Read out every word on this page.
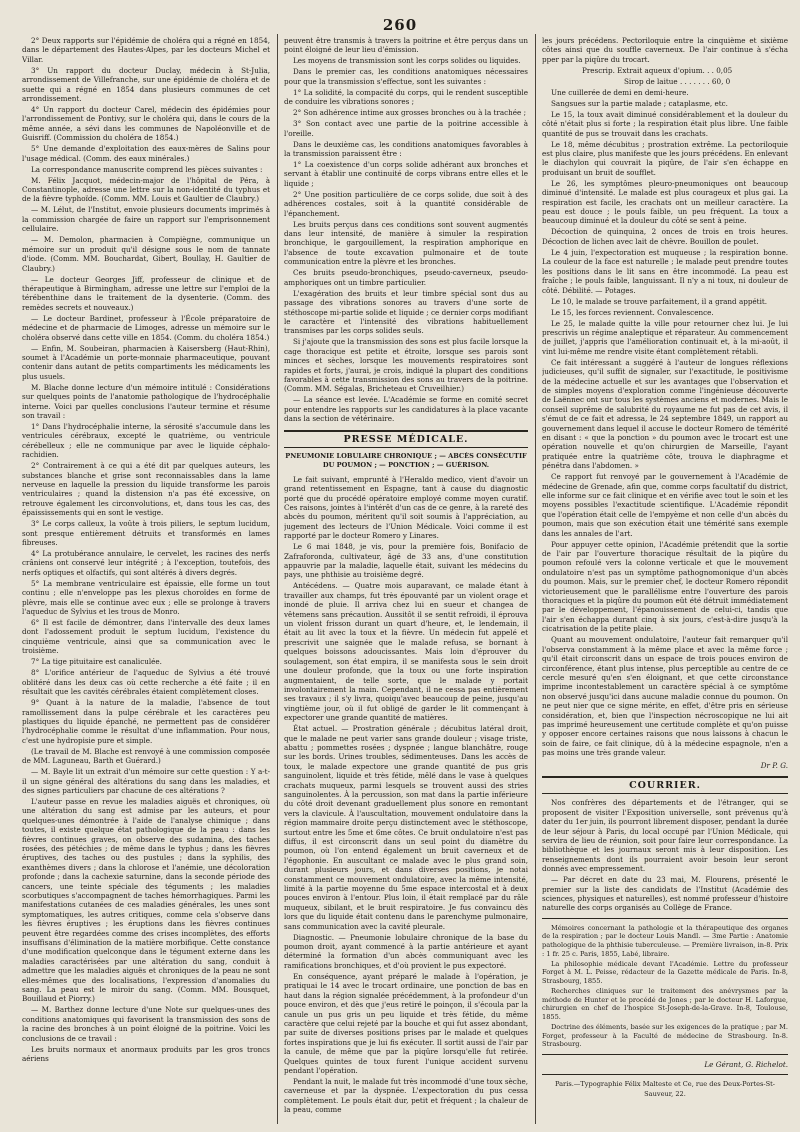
260

2° Deux rapports sur l'épidémie de choléra qui a régné en 1854, dans le département des Hautes-Alpes, par les docteurs Michel et Villar.

3° Un rapport du docteur Duclay, médecin à St-Julia, arrondissement de Villefranche, sur une épidémie de choléra et de suette qui a régné en 1854 dans plusieurs communes de cet arrondissement.

4° Un rapport du docteur Carel, médecin des épidémies pour l'arrondissement de Pontivy, sur le choléra qui, dans le cours de la même année, a sévi dans les communes de Napoléonville et de Guisriff. (Commission du choléra de 1854.)

5° Une demande d'exploitation des eaux-mères de Salins pour l'usage médical. (Comm. des eaux minérales.)

La correspondance manuscrite comprend les pièces suivantes :

M. Félix Jacquot, médecin-major de l'hôpital de Péra, à Constantinople, adresse une lettre sur la non-identité du typhus et de la fièvre typhoïde. (Comm. MM. Louis et Gaultier de Claubry.)

— M. Lélut, de l'Institut, envoie plusieurs documents imprimés à la commission chargée de faire un rapport sur l'emprisonnement cellulaire.

— M. Demolon, pharmacien à Compiègne, communique un mémoire sur un produit qu'il désigne sous le nom de tannate d'iode. (Comm. MM. Bouchardat, Gibert, Boullay, H. Gaultier de Claubry.)

— Le docteur Georges Jiff, professeur de clinique et de thérapeutique à Birmingham, adresse une lettre sur l'emploi de la térébenthine dans le traitement de la dysenterie. (Comm. des remèdes secrets et nouveaux.)

— Le docteur Bardinet, professeur à l'École préparatoire de médecine et de pharmacie de Limoges, adresse un mémoire sur le choléra observé dans cette ville en 1854. (Comm. du choléra 1854.)

— Enfin, M. Soubeiran, pharmacien à Kaisersberg (Haut-Rhin), soumet à l'Académie un porte-monnaie pharmaceutique, pouvant contenir dans autant de petits compartiments les médicaments les plus usuels.

M. Blache donne lecture d'un mémoire intitulé : Considérations sur quelques points de l'anatomie pathologique de l'hydrocéphalie interne. Voici par quelles conclusions l'auteur termine et résume son travail :

1° Dans l'hydrocéphalie interne, la sérosité s'accumule dans les ventricules cérébraux, excepté le quatrième, ou ventricule cérébelleux ; elle ne communique par avec le liquide céphalo-rachidien.

2° Contrairement à ce qui a été dit par quelques auteurs, les substances blanche et grise sont reconnaissables dans la lame nerveuse en laquelle la pression du liquide transforme les parois ventriculaires ; quand la distension n'a pas été excessive, on retrouve également les circonvolutions, et, dans tous les cas, des épaississements qui en sont le vestige.

3° Le corps calleux, la voûte à trois piliers, le septum lucidum, sont presque entièrement détruits et transformés en lames fibreuses.

4° La protubérance annulaire, le cervelet, les racines des nerfs crâniens ont conservé leur intégrité ; à l'exception, toutefois, des nerfs optiques et olfactifs, qui sont altérés à divers degrés.

5° La membrane ventriculaire est épaissie, elle forme un tout continu ; elle n'enveloppe pas les plexus choroïdes en forme de plèvre, mais elle se continue avec eux ; elle se prolonge à travers l'aqueduc de Sylvius et les trous de Monro.

6° Il est facile de démontrer, dans l'intervalle des deux lames dont l'adossement produit le septum lucidum, l'existence du cinquième ventricule, ainsi que sa communication avec le troisième.

7° La tige pituitaire est canaliculée.

8° L'orifice antérieur de l'aqueduc de Sylvius a été trouvé oblitéré dans les deux cas où cette recherche a été faite ; il en résultait que les cavités cérébrales étaient complètement closes.

9° Quant à la nature de la maladie, l'absence de tout ramollissement dans la pulpe cérébrale et les caractères peu plastiques du liquide épanché, ne permettent pas de considérer l'hydrocéphalie comme le résultat d'une inflammation. Pour nous, c'est une hydropisie pure et simple.

(Le travail de M. Blache est renvoyé à une commission composée de MM. Laguneau, Barth et Guérard.)

— M. Bayle lit un extrait d'un mémoire sur cette question : Y a-t-il un signe général des altérations du sang dans les maladies, et des signes particuliers par chacune de ces altérations ?

L'auteur passe en revue les maladies aiguës et chroniques, où une altération du sang est admise par les auteurs, et pour quelques-unes démontrée à l'aide de l'analyse chimique ; dans toutes, il existe quelque état pathologique de la peau : dans les fièvres continues graves, on observe des sudamina, des taches rosées, des pétéchies ; de même dans le typhus ; dans les fièvres éruptives, des taches ou des pustules ; dans la syphilis, des exanthèmes divers ; dans la chlorose et l'anémie, une décoloration profonde ; dans la cachexie saturnine, dans la seconde période des cancers, une teinte spéciale des téguments ; les maladies scorbutiques s'accompagnent de taches hémorrhagiques. Parmi les manifestations cutanées de ces maladies générales, les unes sont symptomatiques, les autres critiques, comme cela s'observe dans les fièvres éruptives ; les éruptions dans les fièvres continues peuvent être regardées comme des crises incomplètes, des efforts insuffisans d'élimination de la matière morbifique. Cette constance d'une modification quelconque dans le tégument externe dans les maladies caractérisées par une altération du sang, conduit à admettre que les maladies aiguës et chroniques de la peau ne sont elles-mêmes que des localisations, l'expression d'anomalies du sang. La peau est le miroir du sang. (Comm. MM. Bousquet, Bouillaud et Piorry.)

— M. Barthez donne lecture d'une Note sur quelques-unes des conditions anatomiques qui favorisent la transmission des sons de la racine des bronches à un point éloigné de la poitrine. Voici les conclusions de ce travail :

Les bruits normaux et anormaux produits par les gros troncs aériens

peuvent être transmis à travers la poitrine et être perçus dans un point éloigné de leur lieu d'émission.

Les moyens de transmission sont les corps solides ou liquides.

Dans le premier cas, les conditions anatomiques nécessaires pour que la transmission s'effectue, sont les suivantes :

1° La solidité, la compacité du corps, qui le rendent susceptible de conduire les vibrations sonores ;

2° Son adhérence intime aux grosses bronches ou à la trachée ;

3° Son contact avec une partie de la poitrine accessible à l'oreille.

Dans le deuxième cas, les conditions anatomiques favorables à la transmission paraissent être :

1° La coexistence d'un corps solide adhérant aux bronches et servant à établir une continuité de corps vibrans entre elles et le liquide ;

2° Une position particulière de ce corps solide, due soit à des adhérences costales, soit à la quantité considérable de l'épanchement.

Les bruits perçus dans ces conditions sont souvent augmentés dans leur intensité, de manière à simuler la respiration bronchique, le gargouillement, la respiration amphorique en l'absence de toute excavation pulmonaire et de toute communication entre la plèvre et les bronches.

Ces bruits pseudo-bronchiques, pseudo-caverneux, pseudo-amphoriques ont un timbre particulier.

L'exagération des bruits et leur timbre spécial sont dus au passage des vibrations sonores au travers d'une sorte de stéthoscope mi-partie solide et liquide ; ce dernier corps modifiant le caractère et l'intensité des vibrations habituellement transmises par les corps solides seuls.

Si j'ajoute que la transmission des sons est plus facile lorsque la cage thoracique est petite et étroite, lorsque ses parois sont minces et sèches, lorsque les mouvements respiratoires sont rapides et forts, j'aurai, je crois, indiqué la plupart des conditions favorables à cette transmission des sons au travers de la poitrine. (Comm. MM. Ségalas, Bricheteau et Cruveilhier.)

— La séance est levée. L'Académie se forme en comité secret pour entendre les rapports sur les candidatures à la place vacante dans la section de vétérinaire.

PRESSE MÉDICALE.
PNEUMONIE LOBULAIRE CHRONIQUE ; — ABCÈS CONSÉCUTIF DU POUMON ; — PONCTION ; — GUÉRISON.

Le fait suivant, emprunté à l'Heraldo medico, vient d'avoir un grand retentissement en Espagne, tant à cause du diagnostic porté que du procédé opératoire employé comme moyen curatif. Ces raisons, jointes à l'intérêt d'un cas de ce genre, à la rareté des abcès du poumon, méritent qu'il soit soumis à l'appréciation, au jugement des lecteurs de l'Union Médicale. Voici comme il est rapporté par le docteur Romero y Linares.

Le 6 mai 1848, je vis, pour la première fois, Bonifacio de Zafraforonda, cultivateur, âgé de 33 ans, d'une constitution appauvrie par la maladie, laquelle était, suivant les médecins du pays, une phthisie au troisième degré.

Antécédens. — Quatre mois auparavant, ce malade étant à travailler aux champs, fut très épouvanté par un violent orage et inondé de pluie. Il arriva chez lui en sueur et changea de vêtemens sans précaution. Aussitôt il se sentit refroidi, il éprouva un violent frisson durant un quart d'heure, et, le lendemain, il était au lit avec la toux et la fièvre. Un médecin fut appelé et prescrivit une saignée que le malade refusa, se bornant à quelques boissons adoucissantes. Mais loin d'éprouver du soulagement, son état empira, il se manifesta sous le sein droit une douleur profonde, que la toux ou une forte inspiration augmentaient, de telle sorte, que le malade y portait involontairement la main. Cependant, il ne cessa pas entièrement ses travaux ; il s'y livra, quoiqu'avec beaucoup de peine, jusqu'au vingtième jour, où il fut obligé de garder le lit commençant à expectorer une grande quantité de matières.

État actuel. — Prostration générale ; décubitus latéral droit, que le malade ne peut varier sans grande douleur ; visage triste, abattu ; pommettes rosées ; dyspnée ; langue blanchâtre, rouge sur les bords. Urines troubles, sédimenteuses. Dans les accès de toux, le malade expectore une grande quantité de pus gris sanguinolent, liquide et très fétide, mêlé dans le vase à quelques crachats muqueux, parmi lesquels se trouvent aussi des stries sanguinolentes. À la percussion, son mat dans la partie inférieure du côté droit devenant graduellement plus sonore en remontant vers la clavicule. À l'auscultation, mouvement ondulatoire dans la région mammaire droite perçu distinctement avec le stéthoscope, surtout entre les 5me et 6me côtes. Ce bruit ondulatoire n'est pas diffus, il est circonscrit dans un seul point du diamètre du poumon, où l'on entend également un bruit caverneux et de l'égophonie. En auscultant ce malade avec le plus grand soin, durant plusieurs jours, et dans diverses positions, je notai constamment ce mouvement ondulatoire, avec la même intensité, limité à la partie moyenne du 5me espace intercostal et à deux pouces environ à l'entour. Plus loin, il était remplacé par du râle muqueux, sibilant, et le bruit respiratoire. Je fus convaincu dès lors que du liquide était contenu dans le parenchyme pulmonaire, sans communication avec la cavité pleurale.

Diagnostic. — Pneumonie lobulaire chronique de la base du poumon droit, ayant commencé à la partie antérieure et ayant déterminé la formation d'un abcès communiquant avec les ramifications bronchiques, et d'où provient le pus expectoré.

En conséquence, ayant préparé le malade à l'opération, je pratiquai le 14 avec le trocart ordinaire, une ponction de bas en haut dans la région signalée précédemment, à la profondeur d'un pouce environ, et dès que j'eus retiré le poinçon, il s'écoula par la canule un pus gris un peu liquide et très fétide, du même caractère que celui rejeté par la bouche et qui fut assez abondant, par suite de diverses positions prises par le malade et quelques fortes inspirations que je lui fis exécuter. Il sortit aussi de l'air par la canule, de même que par la piqûre lorsqu'elle fut retirée. Quelques quintes de toux furent l'unique accident survenu pendant l'opération.

Pendant la nuit, le malade fut très incommodé d'une toux sèche, caverneuse et par la dyspnée. L'expectoration du pus cessa complètement. Le pouls était dur, petit et fréquent ; la chaleur de la peau, comme

les jours précédens. Pectoriloquie entre la cinquième et sixième côtes ainsi que du souffle caverneux. De l'air continue à s'écha pper par la piqûre du trocart.

Prescrip. Extrait aqueux d'opium. . . 0,05

Sirop de laitue . . . . . . . 60, 0

Une cuillerée de demi en demi-heure.

Sangsues sur la partie malade ; cataplasme, etc.

Le 15, la toux avait diminué considérablement et la douleur du côté n'était plus si forte ; la respiration était plus libre. Une faible quantité de pus se trouvait dans les crachats.

Le 18, même décubitus ; prostration extrême. La pectoriloquie est plus claire, plus manifeste que les jours précédens. En enlevant le diachylon qui couvrait la piqûre, de l'air s'en échappe en produisant un bruit de soufflet.

Le 26, les symptômes pleuro-pneumoniques ont beaucoup diminué d'intensité. Le malade est plus courageux et plus gai. La respiration est facile, les crachats ont un meilleur caractère. La peau est douce ; le pouls faible, un peu fréquent. La toux a beaucoup diminué et la douleur du côté se sent à peine.

Décoction de quinquina, 2 onces de trois en trois heures. Décoction de lichen avec lait de chèvre. Bouillon de poulet.

Le 4 juin, l'expectoration est muqueuse ; la respiration bonne. La couleur de la face est naturelle ; le malade peut prendre toutes les positions dans le lit sans en être incommodé. La peau est fraîche ; le pouls faible, languissant. Il n'y a ni toux, ni douleur de côté. Débilité. — Potages.

Le 10, le malade se trouve parfaitement, il a grand appétit.

Le 15, les forces reviennent. Convalescence.

Le 25, le malade quitte la ville pour retourner chez lui. Je lui prescrivis un régime analeptique et réparateur. Au commencement de juillet, j'appris que l'amélioration continuait et, à la mi-août, il vint lui-même me rendre visite étant complètement rétabli.

Ce fait intéressant a suggéré à l'auteur de longues réflexions judicieuses, qu'il suffit de signaler, sur l'exactitude, le positivisme de la médecine actuelle et sur les avantages que l'observation et de simples moyens d'exploration comme l'ingénieuse découverte de Laënnec ont sur tous les systèmes anciens et modernes. Mais le conseil suprême de salubrité du royaume ne fut pas de cet avis, il s'émut de ce fait et adressa, le 24 septembre 1849, un rapport au gouvernement dans lequel il accuse le docteur Romero de témérité en disant : « que la ponction » du poumon avec le trocart est une opération nouvelle et qu'on chirurgien de Marseille, l'ayant pratiquée entre la quatrième côte, trouva le diaphragme et pénétra dans l'abdomen. »

Ce rapport fut renvoyé par le gouvernement à l'Académie de médecine de Grenade, afin que, comme corps facultatif du district, elle informe sur ce fait clinique et en vérifie avec tout le soin et les moyens possibles l'exactitude scientifique. L'Académie répondit que l'opération était celle de l'empyème et non celle d'un abcès du poumon, mais que son exécution était une témérité sans exemple dans les annales de l'art.

Pour appuyer cette opinion, l'Académie prétendit que la sortie de l'air par l'ouverture thoracique résultait de la piqûre du poumon refoulé vers la colonne verticale et que le mouvement ondulatoire n'est pas un symptôme pathognomonique d'un abcès du poumon. Mais, sur le premier chef, le docteur Romero répondit victorieusement que le parallélisme entre l'ouverture des parois thoraciques et la piqûre du poumon eût été détruit immédiatement par le développement, l'épanouissement de celui-ci, tandis que l'air s'en échappa durant cinq à six jours, c'est-à-dire jusqu'à la cicatrisation de la petite plaie.

Quant au mouvement ondulatoire, l'auteur fait remarquer qu'il l'observa constamment à la même place et avec la même force ; qu'il était circonscrit dans un espace de trois pouces environ de circonférence, étant plus intense, plus perceptible au centre de ce cercle mesuré qu'en s'en éloignant, et que cette circonstance imprime incontestablement un caractère spécial à ce symptôme non observé jusqu'ici dans aucune maladie connue du poumon. On ne peut nier que ce signe mérite, en effet, d'être pris en sérieuse considération, et, bien que l'inspection nécroscopique ne lui ait pas imprimé heureusement une certitude complète et qu'on puisse y opposer encore certaines raisons que nous laissons à chacun le soin de faire, ce fait clinique, dû à la médecine espagnole, n'en a pas moins une très grande valeur.

Dr P. G.

COURRIER.

Nos confrères des départements et de l'étranger, qui se proposent de visiter l'Exposition universelle, sont prévenus qu'à dater du 1er juin, ils pourront librement disposer, pendant la durée de leur séjour à Paris, du local occupé par l'Union Médicale, qui servira de lieu de réunion, soit pour faire leur correspondance. La bibliothèque et les journaux seront mis à leur disposition. Les renseignements dont ils pourraient avoir besoin leur seront donnés avec empressement.

— Par décret en date du 23 mai, M. Flourens, présenté le premier sur la liste des candidats de l'Institut (Académie des sciences, physiques et naturelles), est nommé professeur d'histoire naturelle des corps organisés au Collège de France.

Mémoires concernant la pathologie et la thérapeutique des organes de la respiration ; par le docteur Louis Mandl. — 3me Partie : Anatomie pathologique de la phthisie tuberculeuse. — Première livraison, in-8. Prix : 1 fr. 25 c. Paris, 1855, Labé, libraire.

La philosophie médicale devant l'Académie. Lettre du professeur Forget à M. L. Peisse, rédacteur de la Gazette médicale de Paris. In-8, Strasbourg, 1855.

Recherches cliniques sur le traitement des anévrysmes par la méthode de Hunter et le procédé de Jones ; par le docteur H. Laforgue, chirurgien en chef de l'hospice St-Joseph-de-la-Grave. In-8, Toulouse, 1855.

Doctrine des éléments, basée sur les exigences de la pratique ; par M. Forget, professeur à la Faculté de médecine de Strasbourg. In-8. Strasbourg.

Le Gérant, G. Richelot.

Paris.—Typographie Félix Malteste et Ce, rue des Deux-Portes-St-Sauveur, 22.
